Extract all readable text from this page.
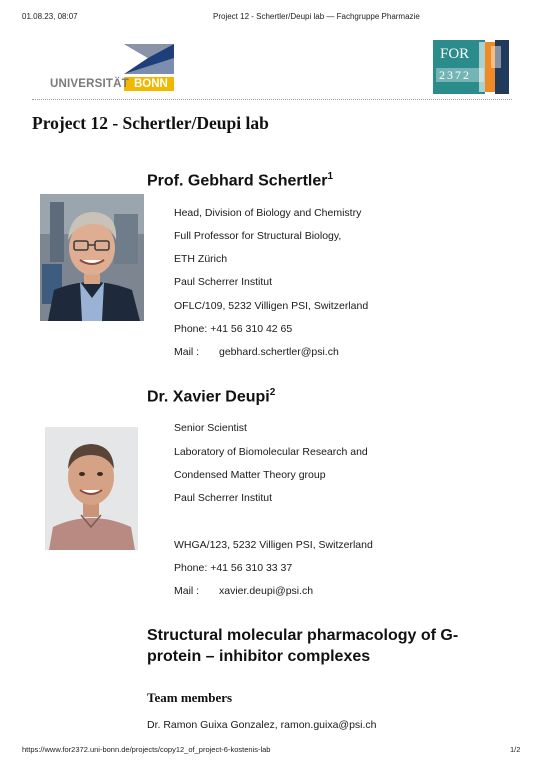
01.08.23, 08:07	Project 12 - Schertler/Deupi lab — Fachgruppe Pharmazie
UNIVERSITÄT BONN
FOR
2372
Project 12 - Schertler/Deupi lab
Prof. Gebhard Schertler$^1$
Head, Division of Biology and Chemistry
Full Professor for Structural Biology,
ETH Zürich
Paul Scherrer Institut
OFLC/109, 5232 Villigen PSI, Switzerland
Phone: +41 56 310 42 65
Mail : gebhard.schertler@psi.ch
Dr. Xavier Deupi$^2$
Senior Scientist
Laboratory of Biomolecular Research and
Condensed Matter Theory group
Paul Scherrer Institut
WHGA/123, 5232 Villigen PSI, Switzerland
Phone: +41 56 310 33 37
Mail : xavier.deupi@psi.ch
Structural molecular pharmacology of G-protein – inhibitor complexes
Team members
Dr. Ramon Guixa Gonzalez, ramon.guixa@psi.ch
https://www.for2372.uni-bonn.de/projects/copy12_of_project-6-kostenis-lab	1/2
